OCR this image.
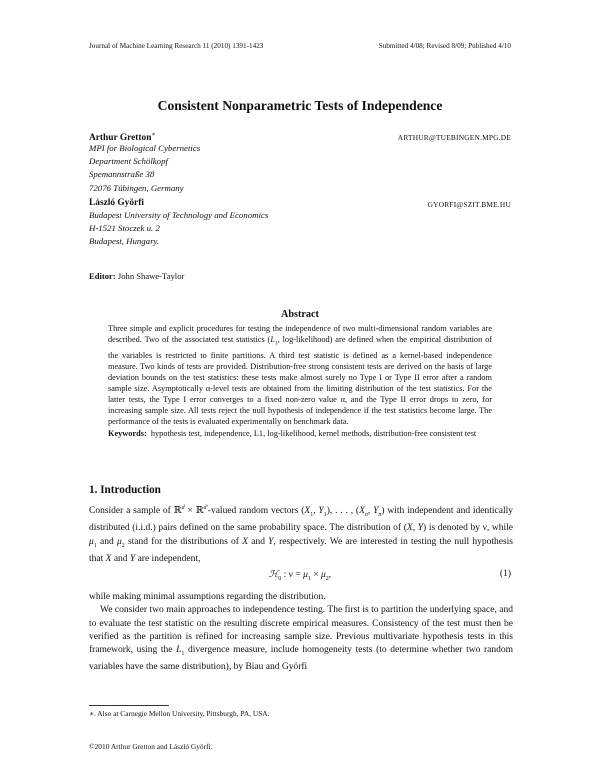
Journal of Machine Learning Research 11 (2010) 1391-1423	Submitted 4/08; Revised 8/09; Published 4/10
Consistent Nonparametric Tests of Independence
Arthur Gretton∗	ARTHUR@TUEBINGEN.MPG.DE
MPI for Biological Cybernetics
Department Schölkopf
Spemannstraße 38
72076 Tübingen, Germany
László Györfi	GYORFI@SZIT.BME.HU
Budapest University of Technology and Economics
H-1521 Stoczek u. 2
Budapest, Hungary.
Editor: John Shawe-Taylor
Abstract
Three simple and explicit procedures for testing the independence of two multi-dimensional random variables are described. Two of the associated test statistics ($L_1$, log-likelihood) are defined when the empirical distribution of the variables is restricted to finite partitions. A third test statistic is defined as a kernel-based independence measure. Two kinds of tests are provided. Distribution-free strong consistent tests are derived on the basis of large deviation bounds on the test statistics: these tests make almost surely no Type I or Type II error after a random sample size. Asymptotically α-level tests are obtained from the limiting distribution of the test statistics. For the latter tests, the Type I error converges to a fixed non-zero value α, and the Type II error drops to zero, for increasing sample size. All tests reject the null hypothesis of independence if the test statistics become large. The performance of the tests is evaluated experimentally on benchmark data.
Keywords: hypothesis test, independence, L1, log-likelihood, kernel methods, distribution-free consistent test
1. Introduction
Consider a sample of ℝ$^d$ × ℝ$^{d'}$-valued random vectors ($X_1$, $Y_1$), . . . , ($X_n$, $Y_n$) with independent and identically distributed (i.i.d.) pairs defined on the same probability space. The distribution of (X, Y) is denoted by ν, while $\mu_1$ and $\mu_2$ stand for the distributions of X and Y, respectively. We are interested in testing the null hypothesis that X and Y are independent,
ℋ$_0$ : $\nu = \mu_1 \times \mu_2$,	(1)
while making minimal assumptions regarding the distribution.
We consider two main approaches to independence testing. The first is to partition the underlying space, and to evaluate the test statistic on the resulting discrete empirical measures. Consistency of the test must then be verified as the partition is refined for increasing sample size. Previous multivariate hypothesis tests in this framework, using the $L_1$ divergence measure, include homogeneity tests (to determine whether two random variables have the same distribution), by Biau and Györfi
∗. Also at Carnegie Mellon University, Pittsburgh, PA, USA.
©2010 Arthur Gretton and László Györfi.
